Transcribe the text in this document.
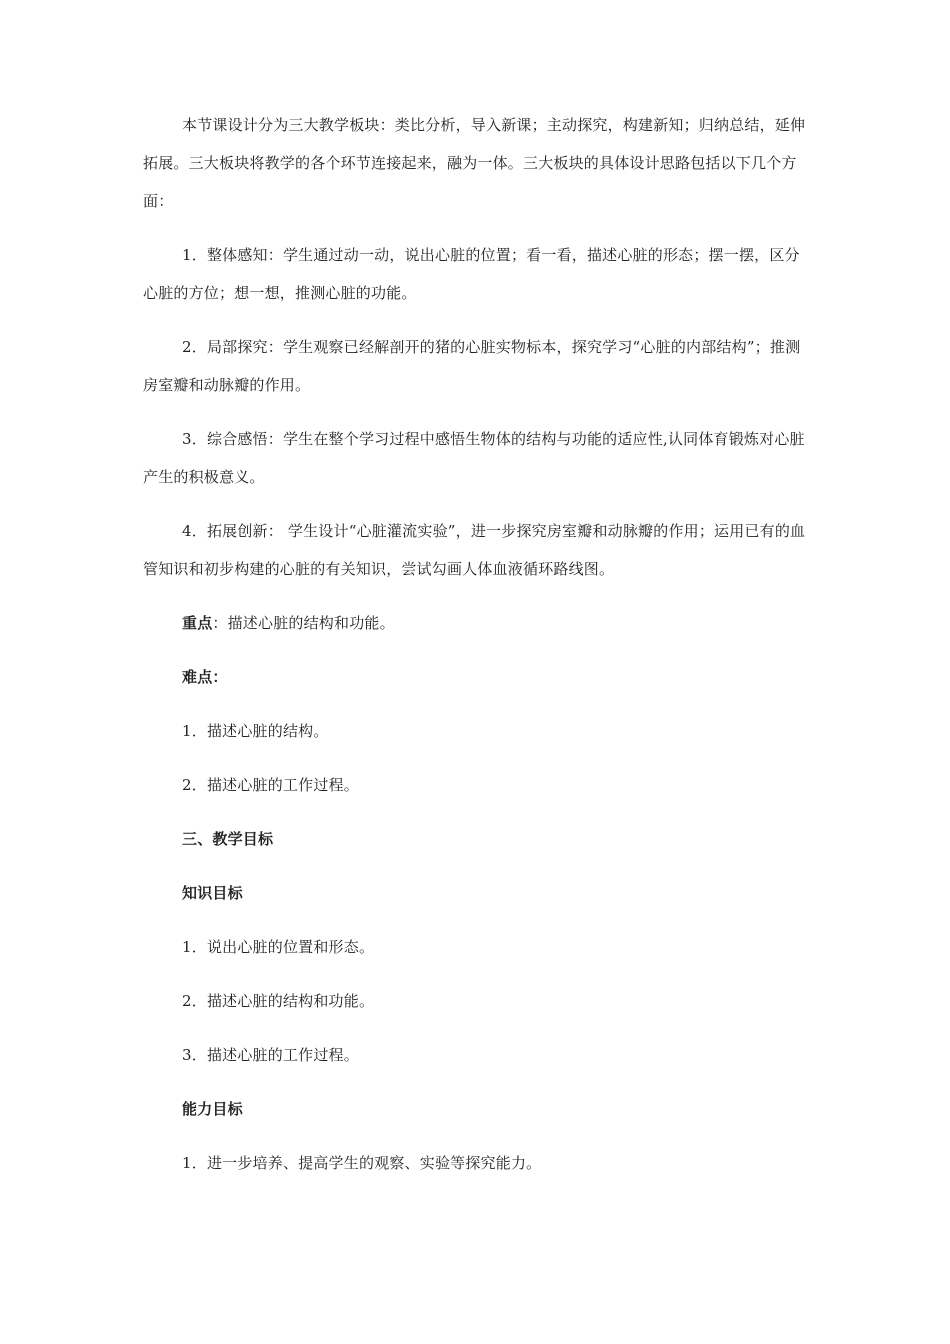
本节课设计分为三大教学板块：类比分析，导入新课；主动探究，构建新知；归纳总结，延伸拓展。三大板块将教学的各个环节连接起来，融为一体。三大板块的具体设计思路包括以下几个方面：

1．整体感知：学生通过动一动，说出心脏的位置；看一看，描述心脏的形态；摆一摆，区分心脏的方位；想一想，推测心脏的功能。

2．局部探究：学生观察已经解剖开的猪的心脏实物标本，探究学习“心脏的内部结构”；推测房室瓣和动脉瓣的作用。

3．综合感悟：学生在整个学习过程中感悟生物体的结构与功能的适应性,认同体育锻炼对心脏产生的积极意义。

4．拓展创新： 学生设计“心脏灌流实验”，进一步探究房室瓣和动脉瓣的作用；运用已有的血管知识和初步构建的心脏的有关知识，尝试勾画人体血液循环路线图。

重点：描述心脏的结构和功能。

难点：

1．描述心脏的结构。

2．描述心脏的工作过程。

三、教学目标

知识目标

1．说出心脏的位置和形态。

2．描述心脏的结构和功能。

3．描述心脏的工作过程。

能力目标

1．进一步培养、提高学生的观察、实验等探究能力。
